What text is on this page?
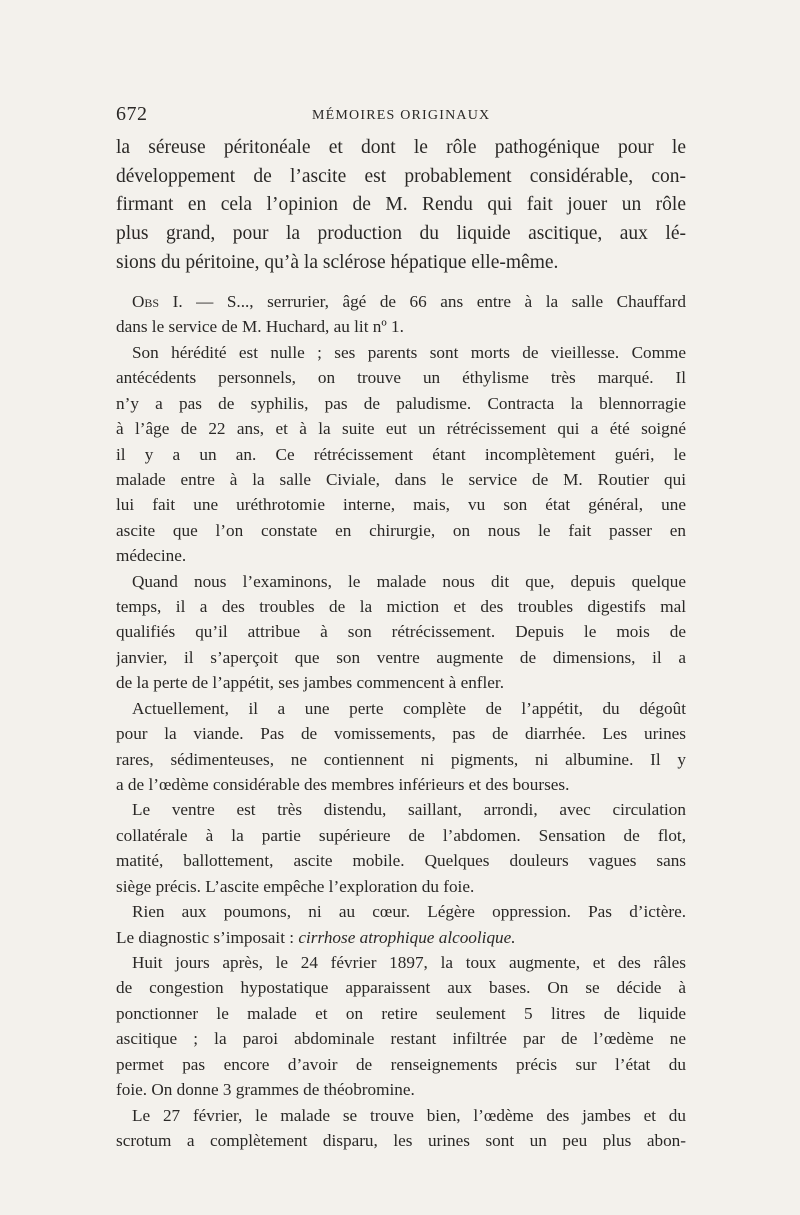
672	MÉMOIRES ORIGINAUX
la séreuse péritonéale et dont le rôle pathogénique pour le
développement de l’ascite est probablement considérable, con-
firmant en cela l’opinion de M. Rendu qui fait jouer un rôle
plus grand, pour la production du liquide ascitique, aux lé-
sions du péritoine, qu’à la sclérose hépatique elle-même.
Obs I. — S..., serrurier, âgé de 66 ans entre à la salle Chauffard
dans le service de M. Huchard, au lit nº 1.
Son hérédité est nulle ; ses parents sont morts de vieillesse. Comme
antécédents personnels, on trouve un éthylisme très marqué. Il
n’y a pas de syphilis, pas de paludisme. Contracta la blennorragie
à l’âge de 22 ans, et à la suite eut un rétrécissement qui a été soigné
il y a un an. Ce rétrécissement étant incomplètement guéri, le
malade entre à la salle Civiale, dans le service de M. Routier qui
lui fait une uréthrotomie interne, mais, vu son état général, une
ascite que l’on constate en chirurgie, on nous le fait passer en
médecine.
Quand nous l’examinons, le malade nous dit que, depuis quelque
temps, il a des troubles de la miction et des troubles digestifs mal
qualifiés qu’il attribue à son rétrécissement. Depuis le mois de
janvier, il s’aperçoit que son ventre augmente de dimensions, il a
de la perte de l’appétit, ses jambes commencent à enfler.
Actuellement, il a une perte complète de l’appétit, du dégoût
pour la viande. Pas de vomissements, pas de diarrhée. Les urines
rares, sédimenteuses, ne contiennent ni pigments, ni albumine. Il y
a de l’œdème considérable des membres inférieurs et des bourses.
Le ventre est très distendu, saillant, arrondi, avec circulation
collatérale à la partie supérieure de l’abdomen. Sensation de flot,
matité, ballottement, ascite mobile. Quelques douleurs vagues sans
siège précis. L’ascite empêche l’exploration du foie.
Rien aux poumons, ni au cœur. Légère oppression. Pas d’ictère.
Le diagnostic s’imposait : cirrhose atrophique alcoolique.
Huit jours après, le 24 février 1897, la toux augmente, et des râles
de congestion hypostatique apparaissent aux bases. On se décide à
ponctionner le malade et on retire seulement 5 litres de liquide
ascitique ; la paroi abdominale restant infiltrée par de l’œdème ne
permet pas encore d’avoir de renseignements précis sur l’état du
foie. On donne 3 grammes de théobromine.
Le 27 février, le malade se trouve bien, l’œdème des jambes et du
scrotum a complètement disparu, les urines sont un peu plus abon-
